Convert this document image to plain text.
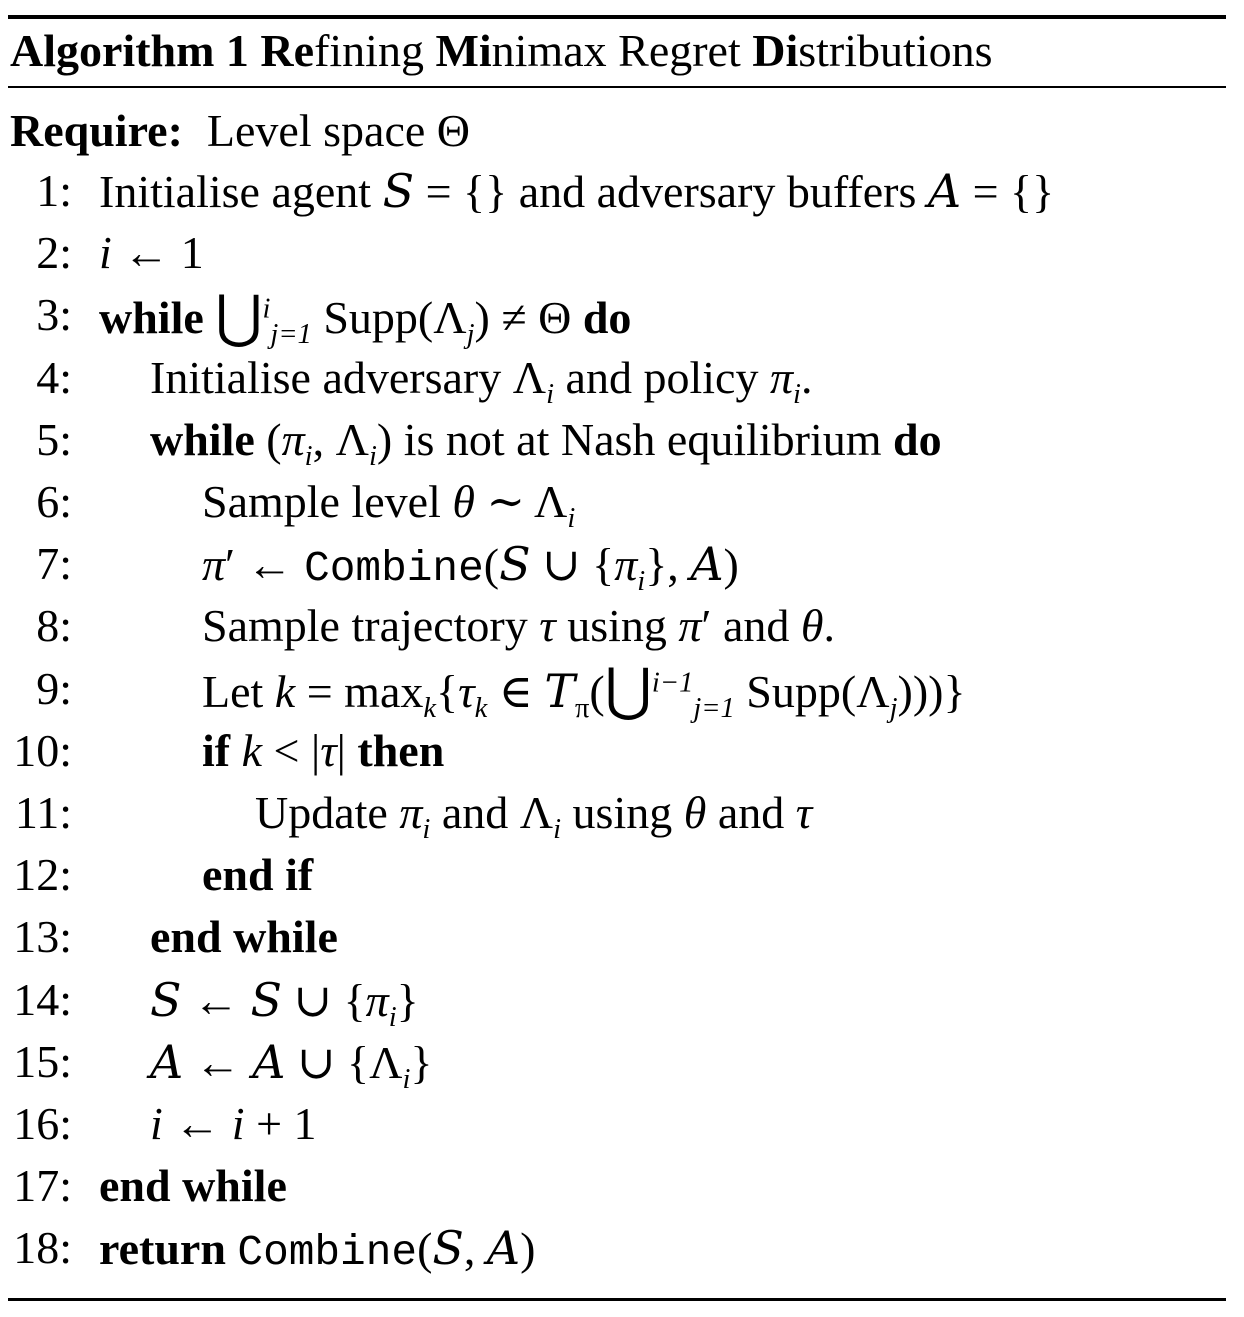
Algorithm 1 Refining Minimax Regret Distributions
Require: Level space Θ
1: Initialise agent S = {} and adversary buffers A = {}
2: i ← 1
3: while ⋃$^i_{j=1}$ $Supp(\Lambda_j) \ne \Theta$ do
4: Initialise adversary $\Lambda_i$ and policy $\pi_i$.
5: while ($\pi_i$, $\Lambda_i$) is not at Nash equilibrium do
6:	Sample level θ ∼ $\Lambda_i$
7:	π′ ← Combine(S ∪ $\{\pi_i\}$, A)
8:	Sample trajectory τ using π′ and θ.
9:	Let $k = \max_k\{\tau_k$ ∈ $T_\pi(⋃^{i-1}_{j=1}$ $Supp(\Lambda_j)$))}
10:	if k < |τ| then
11:	Update $\pi_i$ and $\Lambda_i$ using θ and τ
12:	end if
13: end while
14: S ← S ∪ $\{\pi_i\}$
15: A ← A ∪ $\{\Lambda_i\}$
16: i ← i + 1
17: end while
18: return Combine(S, A)
